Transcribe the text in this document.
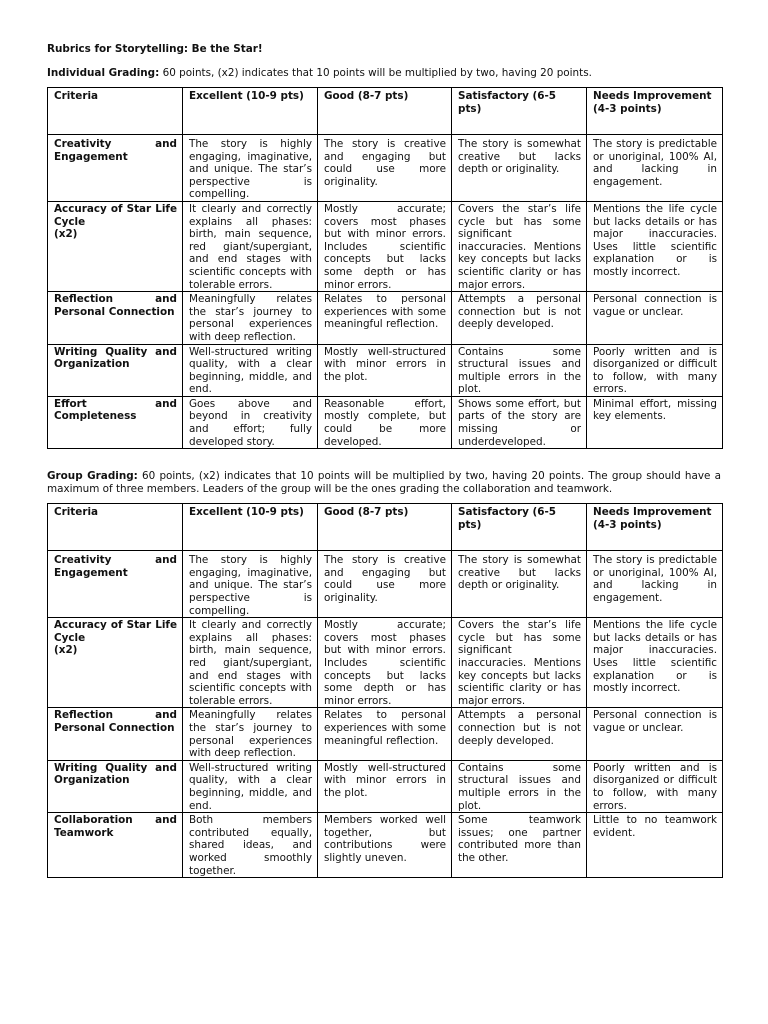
Rubrics for Storytelling: Be the Star!
Individual Grading: 60 points, (x2) indicates that 10 points will be multiplied by two, having 20 points.
Criteria	Excellent (10-9 pts)	Good (8-7 pts)	Satisfactory (6-5 pts)	Needs Improvement (4-3 points)
Creativity and Engagement	The story is highly engaging, imaginative, and unique. The star’s perspective is compelling.	The story is creative and engaging but could use more originality.	The story is somewhat creative but lacks depth or originality.	The story is predictable or unoriginal, 100% AI, and lacking in engagement.

Accuracy of Star Life Cycle
(x2)	It clearly and correctly explains all phases: birth, main sequence, red giant/supergiant, and end stages with scientific concepts with tolerable errors.	Mostly accurate; covers most phases but with minor errors. Includes scientific concepts but lacks some depth or has minor errors.	Covers the star’s life cycle but has some significant inaccuracies. Mentions key concepts but lacks scientific clarity or has major errors.	Mentions the life cycle but lacks details or has major inaccuracies. Uses little scientific explanation or is mostly incorrect.
Reflection and Personal Connection	Meaningfully relates the star’s journey to personal experiences with deep reflection.	Relates to personal experiences with some meaningful reflection.	Attempts a personal connection but is not deeply developed.	Personal connection is vague or unclear.
Writing Quality and Organization	Well-structured writing quality, with a clear beginning, middle, and end.	Mostly well-structured with minor errors in the plot.	Contains some structural issues and multiple errors in the plot.	Poorly written and is disorganized or difficult to follow, with many errors.
Effort and Completeness	Goes above and beyond in creativity and effort; fully developed story.	Reasonable effort, mostly complete, but could be more developed.	Shows some effort, but parts of the story are missing or underdeveloped.	Minimal effort, missing key elements.
Group Grading: 60 points, (x2) indicates that 10 points will be multiplied by two, having 20 points. The group should have a maximum of three members. Leaders of the group will be the ones grading the collaboration and teamwork.
Criteria	Excellent (10-9 pts)	Good (8-7 pts)	Satisfactory (6-5 pts)	Needs Improvement (4-3 points)
Creativity and Engagement	The story is highly engaging, imaginative, and unique. The star’s perspective is compelling.	The story is creative and engaging but could use more originality.	The story is somewhat creative but lacks depth or originality.	The story is predictable or unoriginal, 100% AI, and lacking in engagement.

Accuracy of Star Life Cycle
(x2)	It clearly and correctly explains all phases: birth, main sequence, red giant/supergiant, and end stages with scientific concepts with tolerable errors.	Mostly accurate; covers most phases but with minor errors. Includes scientific concepts but lacks some depth or has minor errors.	Covers the star’s life cycle but has some significant inaccuracies. Mentions key concepts but lacks scientific clarity or has major errors.	Mentions the life cycle but lacks details or has major inaccuracies. Uses little scientific explanation or is mostly incorrect.
Reflection and Personal Connection	Meaningfully relates the star’s journey to personal experiences with deep reflection.	Relates to personal experiences with some meaningful reflection.	Attempts a personal connection but is not deeply developed.	Personal connection is vague or unclear.
Writing Quality and Organization	Well-structured writing quality, with a clear beginning, middle, and end.	Mostly well-structured with minor errors in the plot.	Contains some structural issues and multiple errors in the plot.	Poorly written and is disorganized or difficult to follow, with many errors.
Collaboration and Teamwork	Both members contributed equally, shared ideas, and worked smoothly together.	Members worked well together, but contributions were slightly uneven.	Some teamwork issues; one partner contributed more than the other.	Little to no teamwork evident.
